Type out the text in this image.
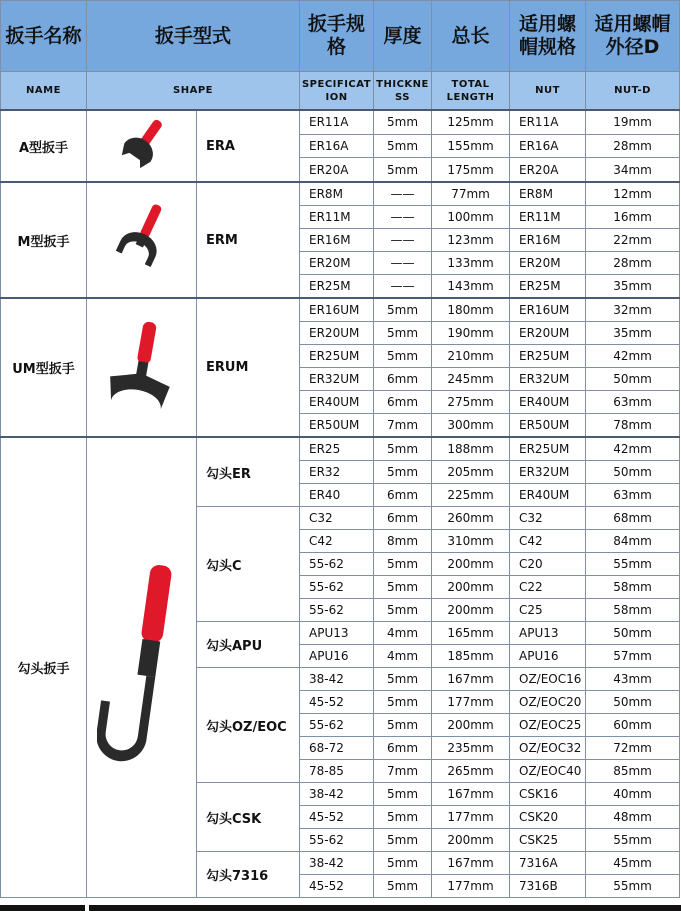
扳手名称	扳手型式		扳手规格	厚度	总长	适用螺帽规格	适用螺帽外径D
NAME	SHAPE		SPECIFICATION	THICKNESS	TOTAL LENGTH	NUT	NUT-D
A型扳手		ERA	ER11A	5mm	125mm	ER11A	19mm
			ER16A	5mm	155mm	ER16A	28mm
			ER20A	5mm	175mm	ER20A	34mm
M型扳手		ERM	ER8M	——	77mm	ER8M	12mm
			ER11M	——	100mm	ER11M	16mm
			ER16M	——	123mm	ER16M	22mm
			ER20M	——	133mm	ER20M	28mm
			ER25M	——	143mm	ER25M	35mm
UM型扳手		ERUM	ER16UM	5mm	180mm	ER16UM	32mm
			ER20UM	5mm	190mm	ER20UM	35mm
			ER25UM	5mm	210mm	ER25UM	42mm
			ER32UM	6mm	245mm	ER32UM	50mm
			ER40UM	6mm	275mm	ER40UM	63mm
			ER50UM	7mm	300mm	ER50UM	78mm
勾头扳手		勾头ER	ER25	5mm	188mm	ER25UM	42mm
			ER32	5mm	205mm	ER32UM	50mm
			ER40	6mm	225mm	ER40UM	63mm
		勾头C	C32	6mm	260mm	C32	68mm
			C42	8mm	310mm	C42	84mm
			55-62	5mm	200mm	C20	55mm
			55-62	5mm	200mm	C22	58mm
			55-62	5mm	200mm	C25	58mm
		勾头APU	APU13	4mm	165mm	APU13	50mm
			APU16	4mm	185mm	APU16	57mm
		勾头OZ/EOC	38-42	5mm	167mm	OZ/EOC16	43mm
			45-52	5mm	177mm	OZ/EOC20	50mm
			55-62	5mm	200mm	OZ/EOC25	60mm
			68-72	6mm	235mm	OZ/EOC32	72mm
			78-85	7mm	265mm	OZ/EOC40	85mm
		勾头CSK	38-42	5mm	167mm	CSK16	40mm
			45-52	5mm	177mm	CSK20	48mm
			55-62	5mm	200mm	CSK25	55mm
		勾头7316	38-42	5mm	167mm	7316A	45mm
			45-52	5mm	177mm	7316B	55mm
